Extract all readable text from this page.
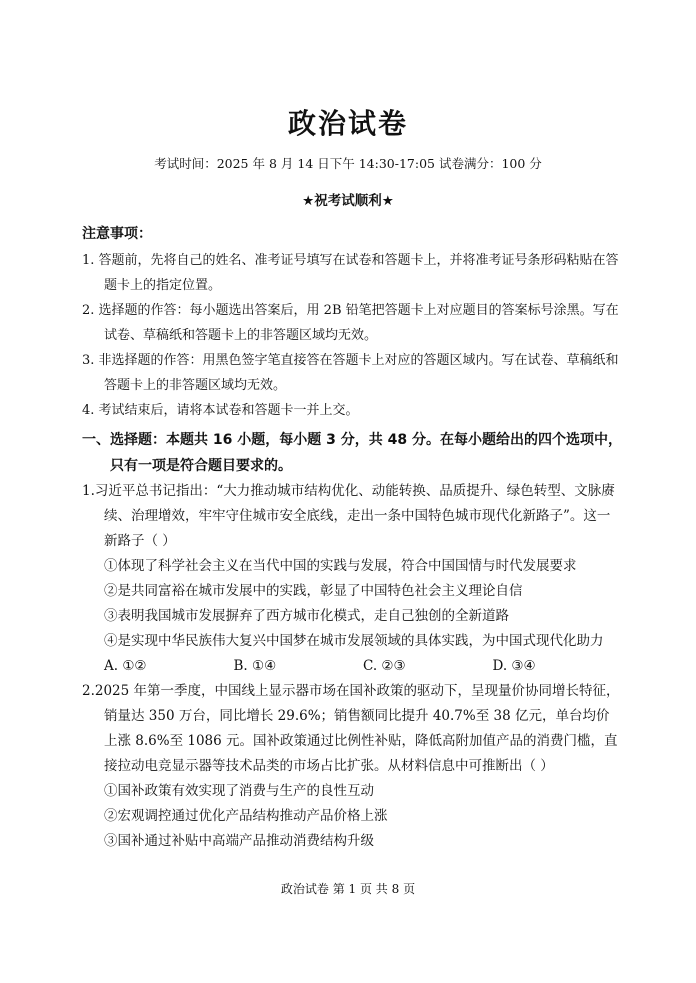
政治试卷
考试时间：2025 年 8 月 14 日下午 14:30-17:05 试卷满分：100 分
★祝考试顺利★
注意事项：
1. 答题前，先将自己的姓名、准考证号填写在试卷和答题卡上，并将准考证号条形码粘贴在答题卡上的指定位置。
2. 选择题的作答：每小题选出答案后，用 2B 铅笔把答题卡上对应题目的答案标号涂黑。写在试卷、草稿纸和答题卡上的非答题区域均无效。
3. 非选择题的作答：用黑色签字笔直接答在答题卡上对应的答题区域内。写在试卷、草稿纸和答题卡上的非答题区域均无效。
4. 考试结束后，请将本试卷和答题卡一并上交。
一、选择题：本题共 16 小题，每小题 3 分，共 48 分。在每小题给出的四个选项中，只有一项是符合题目要求的。
1.习近平总书记指出：“大力推动城市结构优化、动能转换、品质提升、绿色转型、文脉赓续、治理增效，牢牢守住城市安全底线，走出一条中国特色城市现代化新路子”。这一新路子（ ）
①体现了科学社会主义在当代中国的实践与发展，符合中国国情与时代发展要求
②是共同富裕在城市发展中的实践，彰显了中国特色社会主义理论自信
③表明我国城市发展摒弃了西方城市化模式，走自己独创的全新道路
④是实现中华民族伟大复兴中国梦在城市发展领域的具体实践，为中国式现代化助力
A. ①②	B. ①④	C. ②③	D. ③④
2.2025 年第一季度，中国线上显示器市场在国补政策的驱动下，呈现量价协同增长特征，销量达 350 万台，同比增长 29.6%；销售额同比提升 40.7%至 38 亿元，单台均价上涨 8.6%至 1086 元。国补政策通过比例性补贴，降低高附加值产品的消费门槛，直接拉动电竞显示器等技术品类的市场占比扩张。从材料信息中可推断出（ ）
①国补政策有效实现了消费与生产的良性互动
②宏观调控通过优化产品结构推动产品价格上涨
③国补通过补贴中高端产品推动消费结构升级
政治试卷 第 1 页 共 8 页
